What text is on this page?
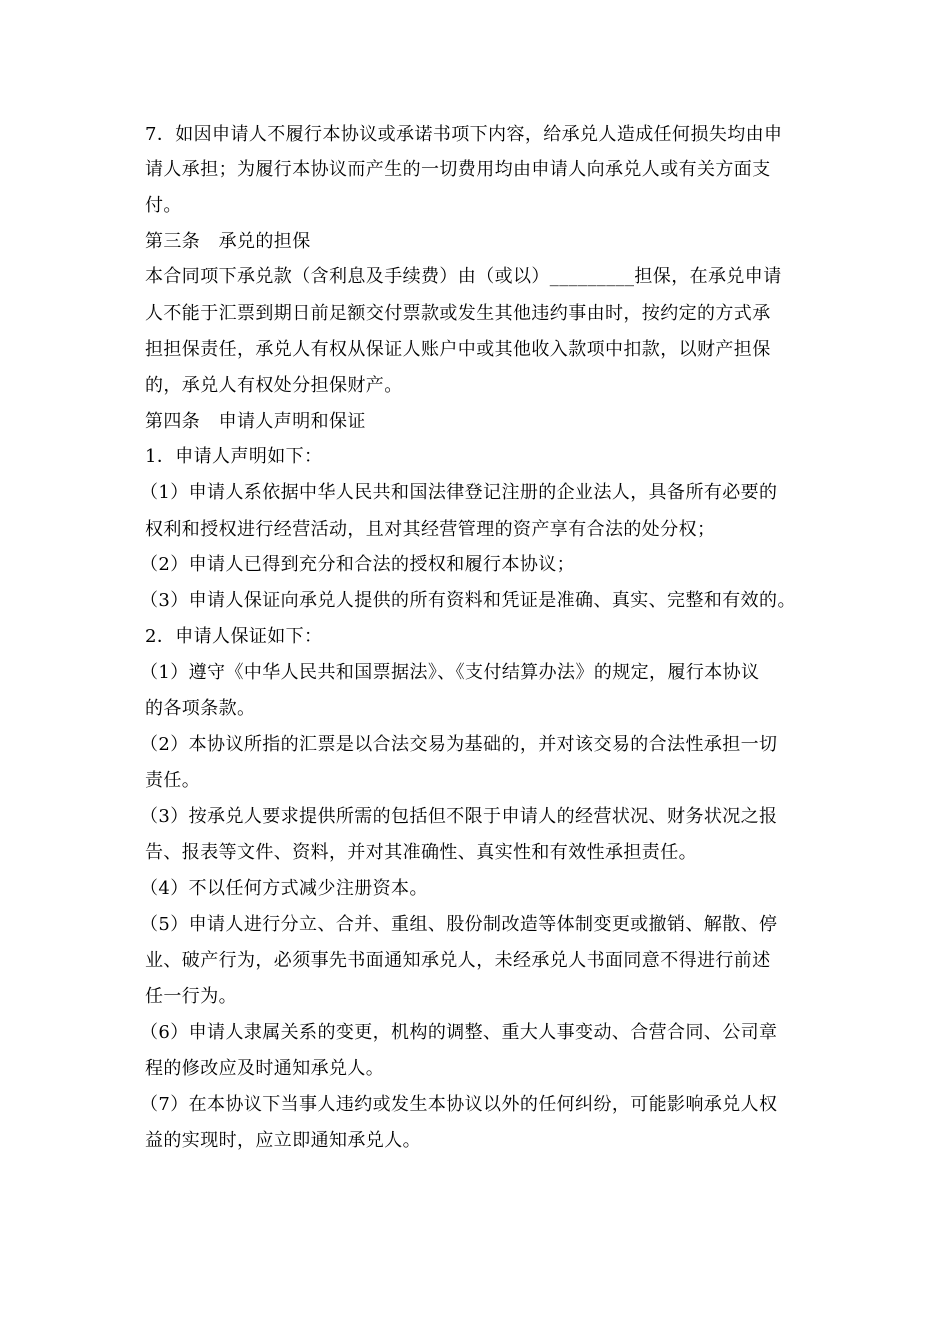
7．如因申请人不履行本协议或承诺书项下内容，给承兑人造成任何损失均由申
请人承担；为履行本协议而产生的一切费用均由申请人向承兑人或有关方面支
付。
第三条　承兑的担保
本合同项下承兑款（含利息及手续费）由（或以）_________担保，在承兑申请
人不能于汇票到期日前足额交付票款或发生其他违约事由时，按约定的方式承
担担保责任，承兑人有权从保证人账户中或其他收入款项中扣款，以财产担保
的，承兑人有权处分担保财产。
第四条　申请人声明和保证
1．申请人声明如下：
（1）申请人系依据中华人民共和国法律登记注册的企业法人，具备所有必要的
权利和授权进行经营活动，且对其经营管理的资产享有合法的处分权；
（2）申请人已得到充分和合法的授权和履行本协议；
（3）申请人保证向承兑人提供的所有资料和凭证是准确、真实、完整和有效的。
2．申请人保证如下：
（1）遵守《中华人民共和国票据法》、《支付结算办法》的规定，履行本协议
的各项条款。
（2）本协议所指的汇票是以合法交易为基础的，并对该交易的合法性承担一切
责任。
（3）按承兑人要求提供所需的包括但不限于申请人的经营状况、财务状况之报
告、报表等文件、资料，并对其准确性、真实性和有效性承担责任。
（4）不以任何方式减少注册资本。
（5）申请人进行分立、合并、重组、股份制改造等体制变更或撤销、解散、停
业、破产行为，必须事先书面通知承兑人，未经承兑人书面同意不得进行前述
任一行为。
（6）申请人隶属关系的变更，机构的调整、重大人事变动、合营合同、公司章
程的修改应及时通知承兑人。
（7）在本协议下当事人违约或发生本协议以外的任何纠纷，可能影响承兑人权
益的实现时，应立即通知承兑人。
